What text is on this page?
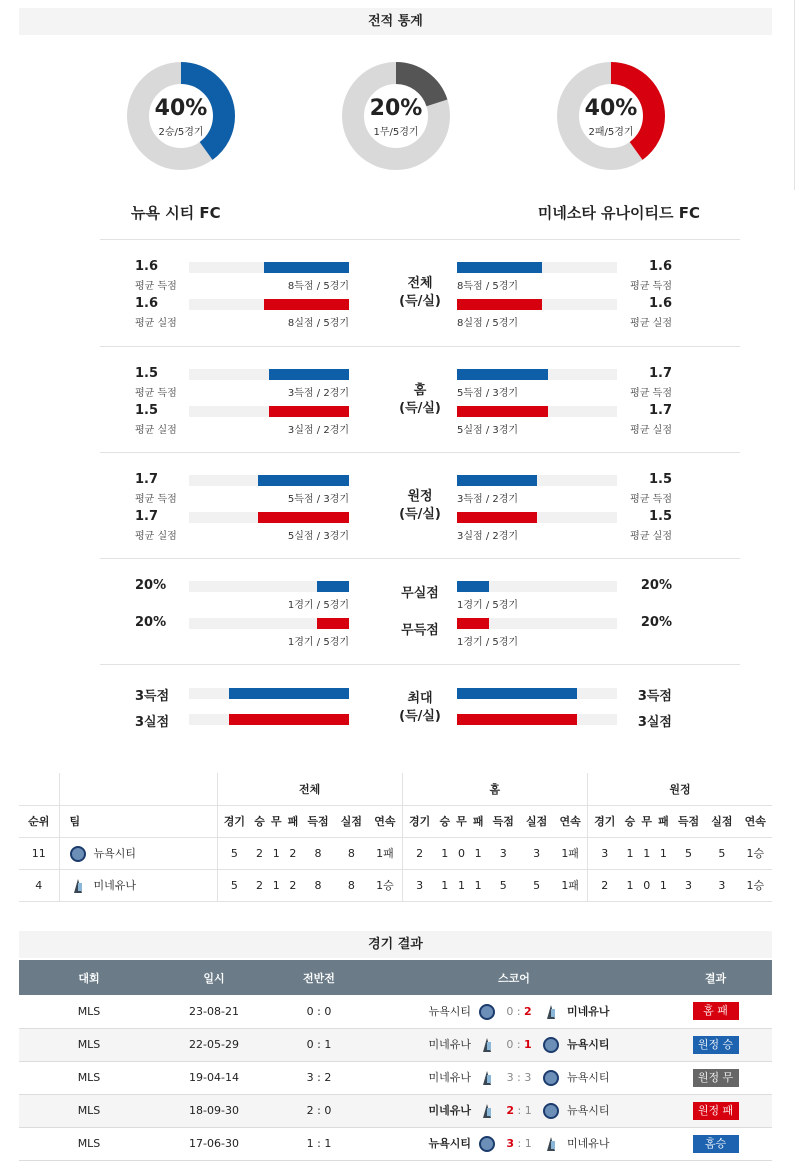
전적 통계
40%
2승/5경기
20%
1무/5경기
40%
2패/5경기
뉴욕 시티 FC	미네소타 유나이티드 FC
1.6	1.6
평균 득점	평균 득점
8득점 / 5경기	8득점 / 5경기
1.6	1.6
평균 실점	평균 실점
8실점 / 5경기	8실점 / 5경기
전체
(득/실)
1.5	1.7
평균 득점	평균 득점
3득점 / 2경기	5득점 / 3경기
1.5	1.7
평균 실점	평균 실점
3실점 / 2경기	5실점 / 3경기
홈
(득/실)
1.7	1.5
평균 득점	평균 득점
5득점 / 3경기	3득점 / 2경기
1.7	1.5
평균 실점	평균 실점
5실점 / 3경기	3실점 / 2경기
원정
(득/실)
20%	20%
1경기 / 5경기	1경기 / 5경기
20%	20%
1경기 / 5경기	1경기 / 5경기
무실점
무득점
3득점	3득점
3실점	3실점
최대
(득/실)
		전체							홈							원정						
순위	팀	경기	승	무	패	득점	실점	연속	경기	승	무	패	득점	실점	연속	경기	승	무	패	득점	실점	연속
11	뉴욕시티	5	2	1	2	8	8	1패	2	1	0	1	3	3	1패	3	1	1	1	5	5	1승
4	미네유나	5	2	1	2	8	8	1승	3	1	1	1	5	5	1패	2	1	0	1	3	3	1승
경기 결과
대회	일시	전반전	스코어			결과
MLS	23-08-21	0 : 0	뉴욕시티	0 : 2	미네유나	홈 패
MLS	22-05-29	0 : 1	미네유나	0 : 1	뉴욕시티	원정 승
MLS	19-04-14	3 : 2	미네유나	3 : 3	뉴욕시티	원정 무
MLS	18-09-30	2 : 0	미네유나	2 : 1	뉴욕시티	원정 패
MLS	17-06-30	1 : 1	뉴욕시티	3 : 1	미네유나	홈승
